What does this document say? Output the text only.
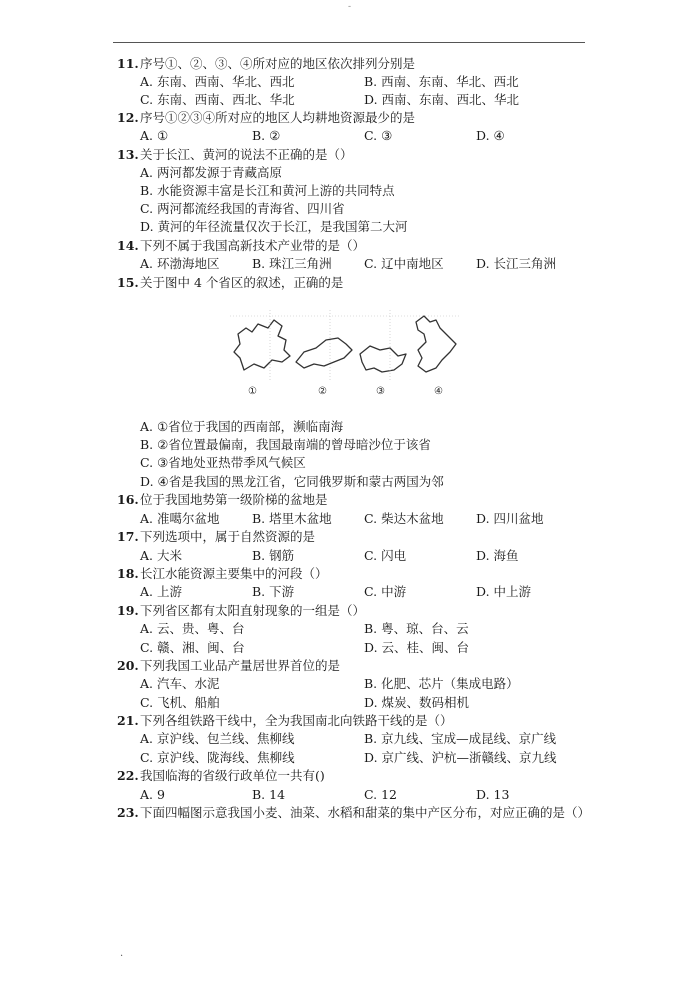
-
11.序号①、②、③、④所对应的地区依次排列分别是
A. 东南、西南、华北、西北	B. 西南、东南、华北、西北
C. 东南、西南、西北、华北	D. 西南、东南、西北、华北
12.序号①②③④所对应的地区人均耕地资源最少的是
A. ①	B. ②	C. ③	D. ④
13.关于长江、黄河的说法不正确的是（）
A. 两河都发源于青藏高原
B. 水能资源丰富是长江和黄河上游的共同特点
C. 两河都流经我国的青海省、四川省
D. 黄河的年径流量仅次于长江，是我国第二大河
14.下列不属于我国高新技术产业带的是（）
A. 环渤海地区	B. 珠江三角洲	C. 辽中南地区	D. 长江三角洲
15.关于图中 4 个省区的叙述，正确的是
①	②	③	④
A. ①省位于我国的西南部，濒临南海
B. ②省位置最偏南，我国最南端的曾母暗沙位于该省
C. ③省地处亚热带季风气候区
D. ④省是我国的黑龙江省，它同俄罗斯和蒙古两国为邻
16.位于我国地势第一级阶梯的盆地是
A. 准噶尔盆地	B. 塔里木盆地	C. 柴达木盆地	D. 四川盆地
17.下列选项中，属于自然资源的是
A. 大米	B. 钢筋	C. 闪电	D. 海鱼
18.长江水能资源主要集中的河段（）
A. 上游	B. 下游	C. 中游	D. 中上游
19.下列省区都有太阳直射现象的一组是（）
A. 云、贵、粤、台	B. 粤、琼、台、云
C. 赣、湘、闽、台	D. 云、桂、闽、台
20.下列我国工业品产量居世界首位的是
A. 汽车、水泥	B. 化肥、芯片（集成电路）
C. 飞机、船舶	D. 煤炭、数码相机
21.下列各组铁路干线中，全为我国南北向铁路干线的是（）
A. 京沪线、包兰线、焦柳线	B. 京九线、宝成—成昆线、京广线
C. 京沪线、陇海线、焦柳线	D. 京广线、沪杭—浙赣线、京九线
22.我国临海的省级行政单位一共有()
A. 9	B. 14	C. 12	D. 13
23.下面四幅图示意我国小麦、油菜、水稻和甜菜的集中产区分布，对应正确的是（）
.
